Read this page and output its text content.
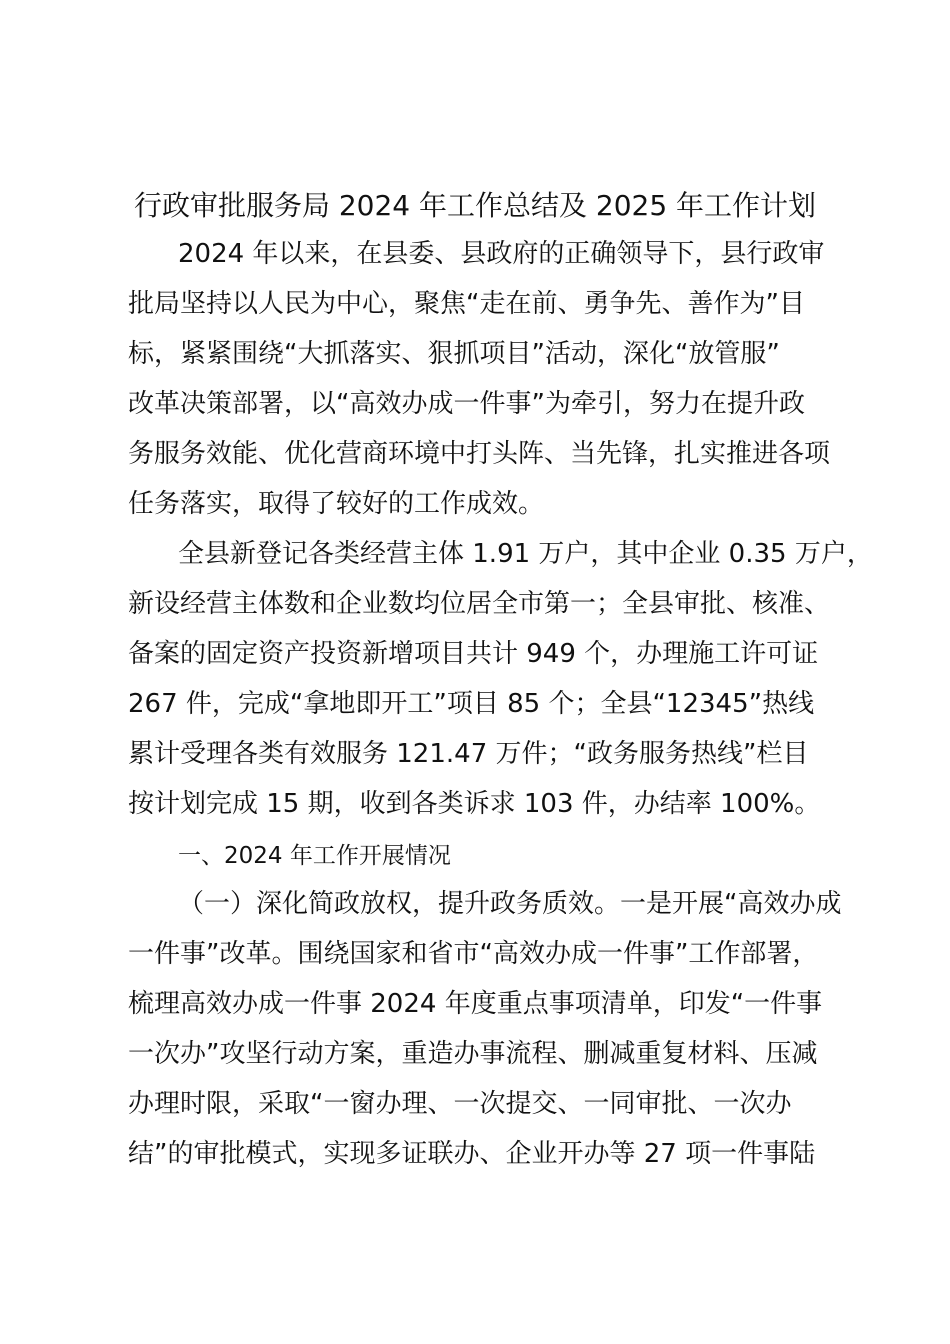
行政审批服务局 2024 年工作总结及 2025 年工作计划
2024 年以来，在县委、县政府的正确领导下，县行政审
批局坚持以人民为中心，聚焦“走在前、勇争先、善作为”目
标，紧紧围绕“大抓落实、狠抓项目”活动，深化“放管服”
改革决策部署，以“高效办成一件事”为牵引，努力在提升政
务服务效能、优化营商环境中打头阵、当先锋，扎实推进各项
任务落实，取得了较好的工作成效。
全县新登记各类经营主体 1.91 万户，其中企业 0.35 万户，
新设经营主体数和企业数均位居全市第一；全县审批、核准、
备案的固定资产投资新增项目共计 949 个，办理施工许可证
267 件，完成“拿地即开工”项目 85 个；全县“12345”热线
累计受理各类有效服务 121.47 万件；“政务服务热线”栏目
按计划完成 15 期，收到各类诉求 103 件，办结率 100%。
一、2024 年工作开展情况
（一）深化简政放权，提升政务质效。一是开展“高效办成
一件事”改革。围绕国家和省市“高效办成一件事”工作部署，
梳理高效办成一件事 2024 年度重点事项清单，印发“一件事
一次办”攻坚行动方案，重造办事流程、删减重复材料、压减
办理时限，采取“一窗办理、一次提交、一同审批、一次办
结”的审批模式，实现多证联办、企业开办等 27 项一件事陆
